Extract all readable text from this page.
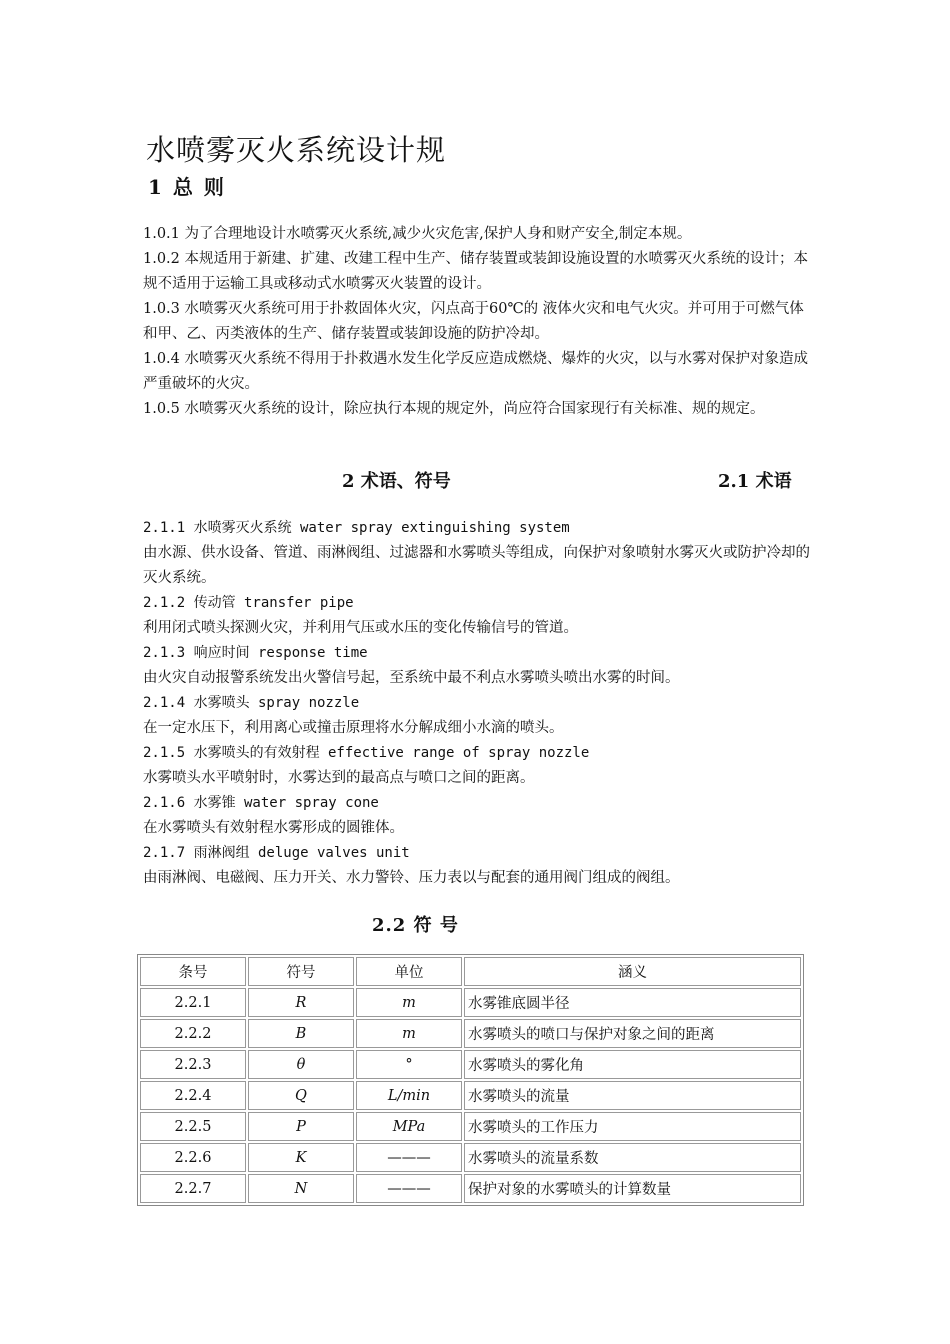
水喷雾灭火系统设计规
1 总 则

1.0.1 为了合理地设计水喷雾灭火系统,减少火灾危害,保护人身和财产安全,制定本规。

1.0.2 本规适用于新建、扩建、改建工程中生产、储存装置或装卸设施设置的水喷雾灭火系统的设计；本规不适用于运输工具或移动式水喷雾灭火装置的设计。

1.0.3 水喷雾灭火系统可用于扑救固体火灾，闪点高于60℃的 液体火灾和电气火灾。并可用于可燃气体和甲、乙、丙类液体的生产、储存装置或装卸设施的防护冷却。

1.0.4 水喷雾灭火系统不得用于扑救遇水发生化学反应造成燃烧、爆炸的火灾，以与水雾对保护对象造成严重破坏的火灾。

1.0.5 水喷雾灭火系统的设计，除应执行本规的规定外，尚应符合国家现行有关标准、规的规定。

2 术语、符号	2.1 术语

2.1.1 水喷雾灭火系统 water spray extinguishing system

由水源、供水设备、管道、雨淋阀组、过滤器和水雾喷头等组成，向保护对象喷射水雾灭火或防护冷却的灭火系统。

2.1.2 传动管 transfer pipe

利用闭式喷头探测火灾，并利用气压或水压的变化传输信号的管道。

2.1.3 响应时间 response time

由火灾自动报警系统发出火警信号起，至系统中最不利点水雾喷头喷出水雾的时间。

2.1.4 水雾喷头 spray nozzle

在一定水压下，利用离心或撞击原理将水分解成细小水滴的喷头。

2.1.5 水雾喷头的有效射程 effective range of spray nozzle

水雾喷头水平喷射时，水雾达到的最高点与喷口之间的距离。

2.1.6 水雾锥 water spray cone

在水雾喷头有效射程水雾形成的圆锥体。

2.1.7 雨淋阀组 deluge valves unit

由雨淋阀、电磁阀、压力开关、水力警铃、压力表以与配套的通用阀门组成的阀组。

2.2 符 号
条号	符号	单位	涵义
2.2.1	R	m	水雾锥底圆半径
2.2.2	B	m	水雾喷头的喷口与保护对象之间的距离
2.2.3	θ	°	水雾喷头的雾化角
2.2.4	Q	L/min	水雾喷头的流量
2.2.5	P	MPa	水雾喷头的工作压力
2.2.6	K	———	水雾喷头的流量系数
2.2.7	N	———	保护对象的水雾喷头的计算数量
